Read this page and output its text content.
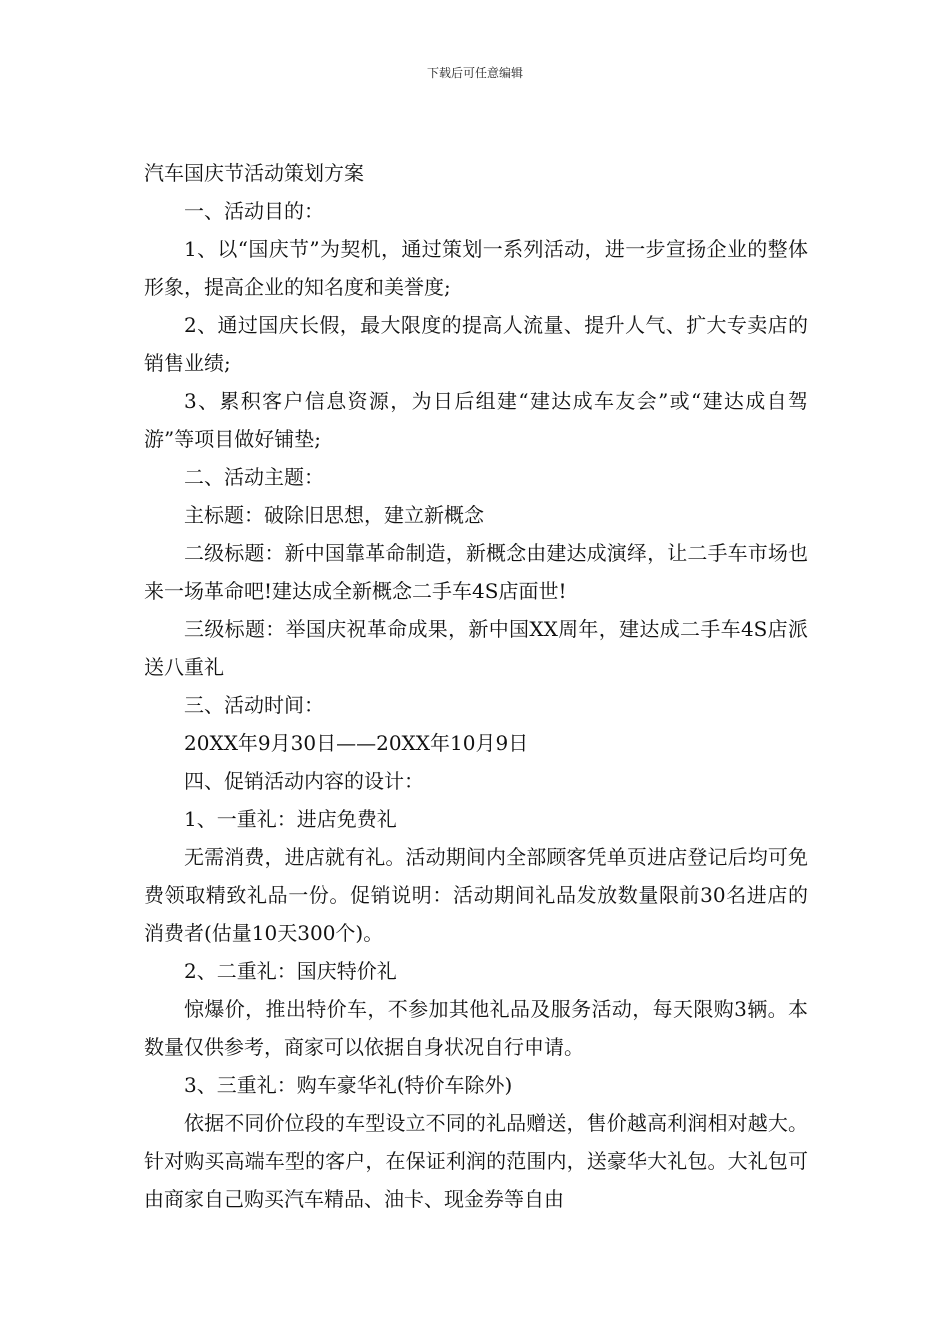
下载后可任意编辑
汽车国庆节活动策划方案

一、活动目的：

1、以“国庆节”为契机，通过策划一系列活动，进一步宣扬企业的整体形象，提高企业的知名度和美誉度;

2、通过国庆长假，最大限度的提高人流量、提升人气、扩大专卖店的销售业绩;

3、累积客户信息资源，为日后组建“建达成车友会”或“建达成自驾游”等项目做好铺垫;

二、活动主题：

主标题：破除旧思想，建立新概念

二级标题：新中国靠革命制造，新概念由建达成演绎，让二手车市场也来一场革命吧!建达成全新概念二手车4S店面世!

三级标题：举国庆祝革命成果，新中国XX周年，建达成二手车4S店派送八重礼

三、活动时间：

20XX年9月30日——20XX年10月9日

四、促销活动内容的设计：

1、一重礼：进店免费礼

无需消费，进店就有礼。活动期间内全部顾客凭单页进店登记后均可免费领取精致礼品一份。促销说明：活动期间礼品发放数量限前30名进店的消费者(估量10天300个)。

2、二重礼：国庆特价礼

惊爆价，推出特价车，不参加其他礼品及服务活动，每天限购3辆。本数量仅供参考，商家可以依据自身状况自行申请。

3、三重礼：购车豪华礼(特价车除外)

依据不同价位段的车型设立不同的礼品赠送，售价越高利润相对越大。针对购买高端车型的客户，在保证利润的范围内，送豪华大礼包。大礼包可由商家自己购买汽车精品、油卡、现金券等自由
